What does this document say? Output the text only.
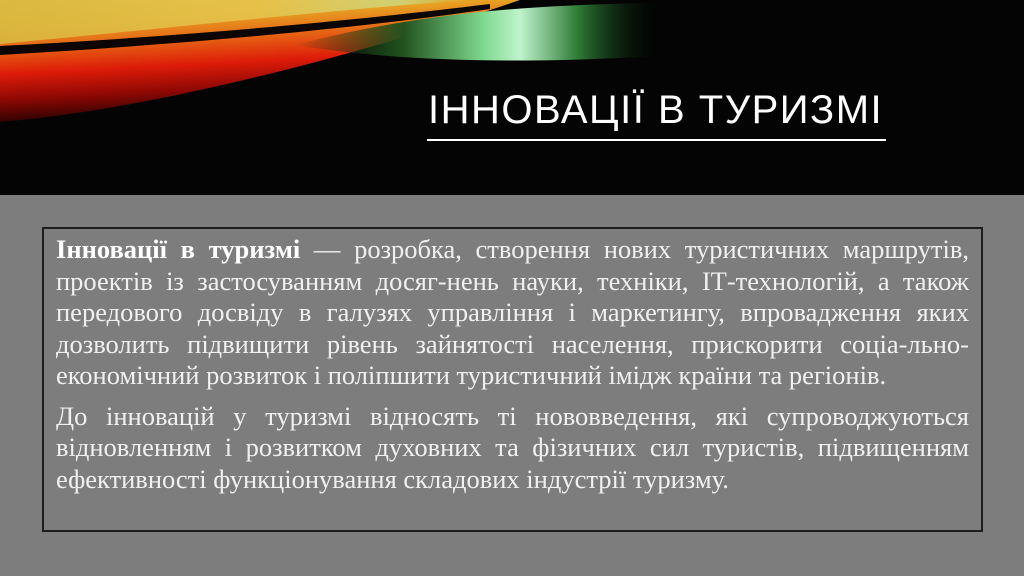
ІННОВАЦІЇ В ТУРИЗМІ

Інновації в туризмі — розробка, створення нових туристичних маршрутів, проектів із застосуванням досяг-нень науки, техніки, ІТ-технологій, а також передового досвіду в галузях управління і маркетингу, впровадження яких дозволить підвищити рівень зайнятості населення, прискорити соціа-льно-економічний розвиток і поліпшити туристичний імідж країни та регіонів.

До інновацій у туризмі відносять ті нововведення, які супроводжуються відновленням і розвитком духовних та фізичних сил туристів, підвищенням ефективності функціонування складових індустрії туризму.
